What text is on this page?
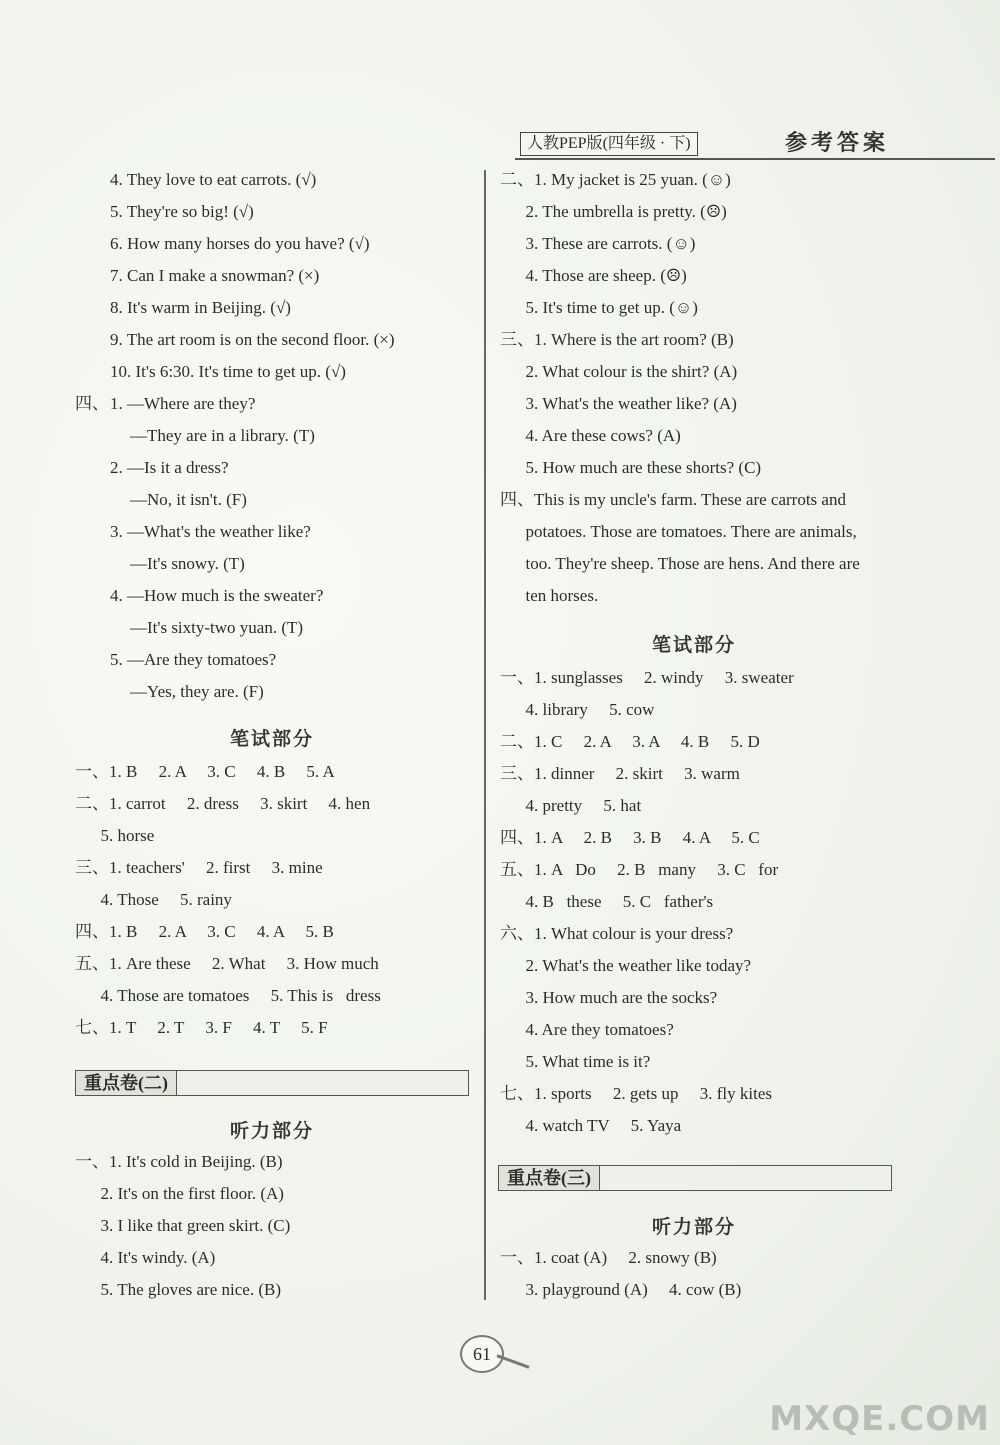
人教PEP版(四年级 · 下)	参考答案
4. They love to eat carrots. (√)
5. They're so big! (√)
6. How many horses do you have? (√)
7. Can I make a snowman? (×)
8. It's warm in Beijing. (√)
9. The art room is on the second floor. (×)
10. It's 6:30. It's time to get up. (√)
四、 1. —Where are they?
—They are in a library. (T)
2. —Is it a dress?
—No, it isn't. (F)
3. —What's the weather like?
—It's snowy. (T)
4. —How much is the sweater?
—It's sixty-two yuan. (T)
5. —Are they tomatoes?
—Yes, they are. (F)
笔试部分
一、1. B     2. A     3. C     4. B     5. A
二、1. carrot     2. dress     3. skirt     4. hen
5. horse
三、1. teachers'     2. first     3. mine
4. Those     5. rainy
四、1. B     2. A     3. C     4. A     5. B
五、1. Are these     2. What     3. How much
4. Those are tomatoes     5. This is   dress
七、1. T     2. T     3. F     4. T     5. F
重点卷(二)
听力部分
一、1. It's cold in Beijing. (B)
2. It's on the first floor. (A)
3. I like that green skirt. (C)
4. It's windy. (A)
5. The gloves are nice. (B)
二、1. My jacket is 25 yuan. (☺)
2. The umbrella is pretty. (☹)
3. These are carrots. (☺)
4. Those are sheep. (☹)
5. It's time to get up. (☺)
三、1. Where is the art room? (B)
2. What colour is the shirt? (A)
3. What's the weather like? (A)
4. Are these cows? (A)
5. How much are these shorts? (C)
四、This is my uncle's farm. These are carrots and
potatoes. Those are tomatoes. There are animals,
too. They're sheep. Those are hens. And there are
ten horses.
笔试部分
一、1. sunglasses     2. windy     3. sweater
4. library     5. cow
二、1. C     2. A     3. A     4. B     5. D
三、1. dinner     2. skirt     3. warm
4. pretty     5. hat
四、1. A     2. B     3. B     4. A     5. C
五、1. A   Do     2. B   many     3. C   for
4. B   these     5. C   father's
六、1. What colour is your dress?
2. What's the weather like today?
3. How much are the socks?
4. Are they tomatoes?
5. What time is it?
七、1. sports     2. gets up     3. fly kites
4. watch TV     5. Yaya
重点卷(三)
听力部分
一、1. coat (A)     2. snowy (B)
3. playground (A)     4. cow (B)
61
MXQE.COM
